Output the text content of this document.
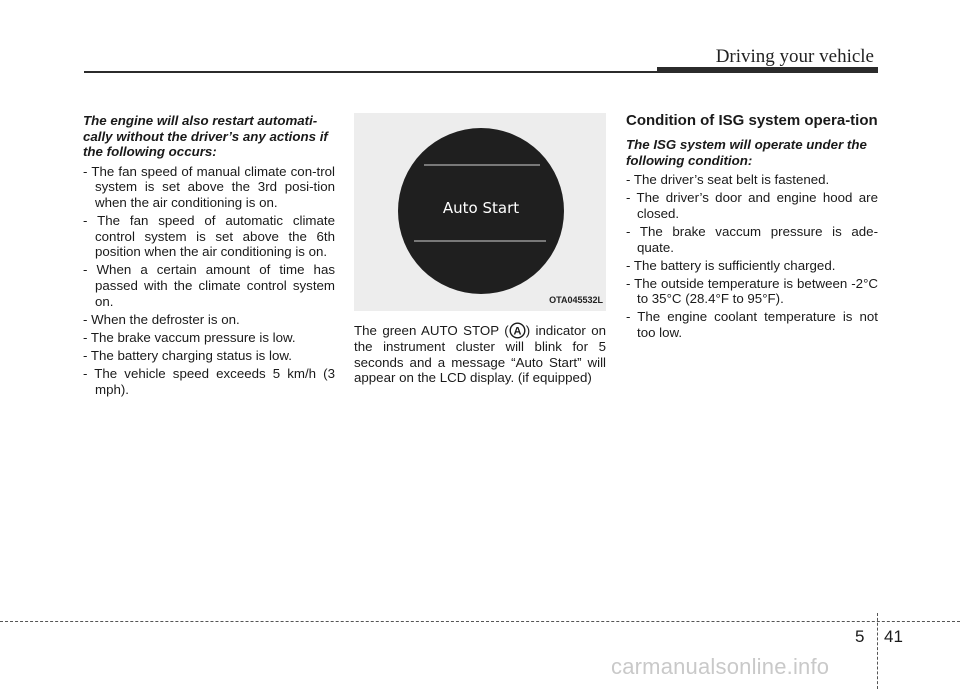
Driving your vehicle

The engine will also restart automati-cally without the driver’s any actions if the following occurs:

- The fan speed of manual climate con-trol system is set above the 3rd posi-tion when the air conditioning is on.
- The fan speed of automatic climate control system is set above the 6th position when the air conditioning is on.
- When a certain amount of time has passed with the climate control system on.
- When the defroster is on.
- The brake vaccum pressure is low.
- The battery charging status is low.
- The vehicle speed exceeds 5 km/h (3 mph).
Auto Start
OTA045532L

The green AUTO STOP ( A ) indicator on the instrument cluster will blink for 5 seconds and a message “Auto Start” will appear on the LCD display. (if equipped)

Condition of ISG system opera-tion

The ISG system will operate under the following condition:

- The driver’s seat belt is fastened.
- The driver’s door and engine hood are closed.
- The brake vaccum pressure is ade-quate.
- The battery is sufficiently charged.
- The outside temperature is between -2°C to 35°C (28.4°F to 95°F).
- The engine coolant temperature is not too low.
5 41
carmanualsonline.info
